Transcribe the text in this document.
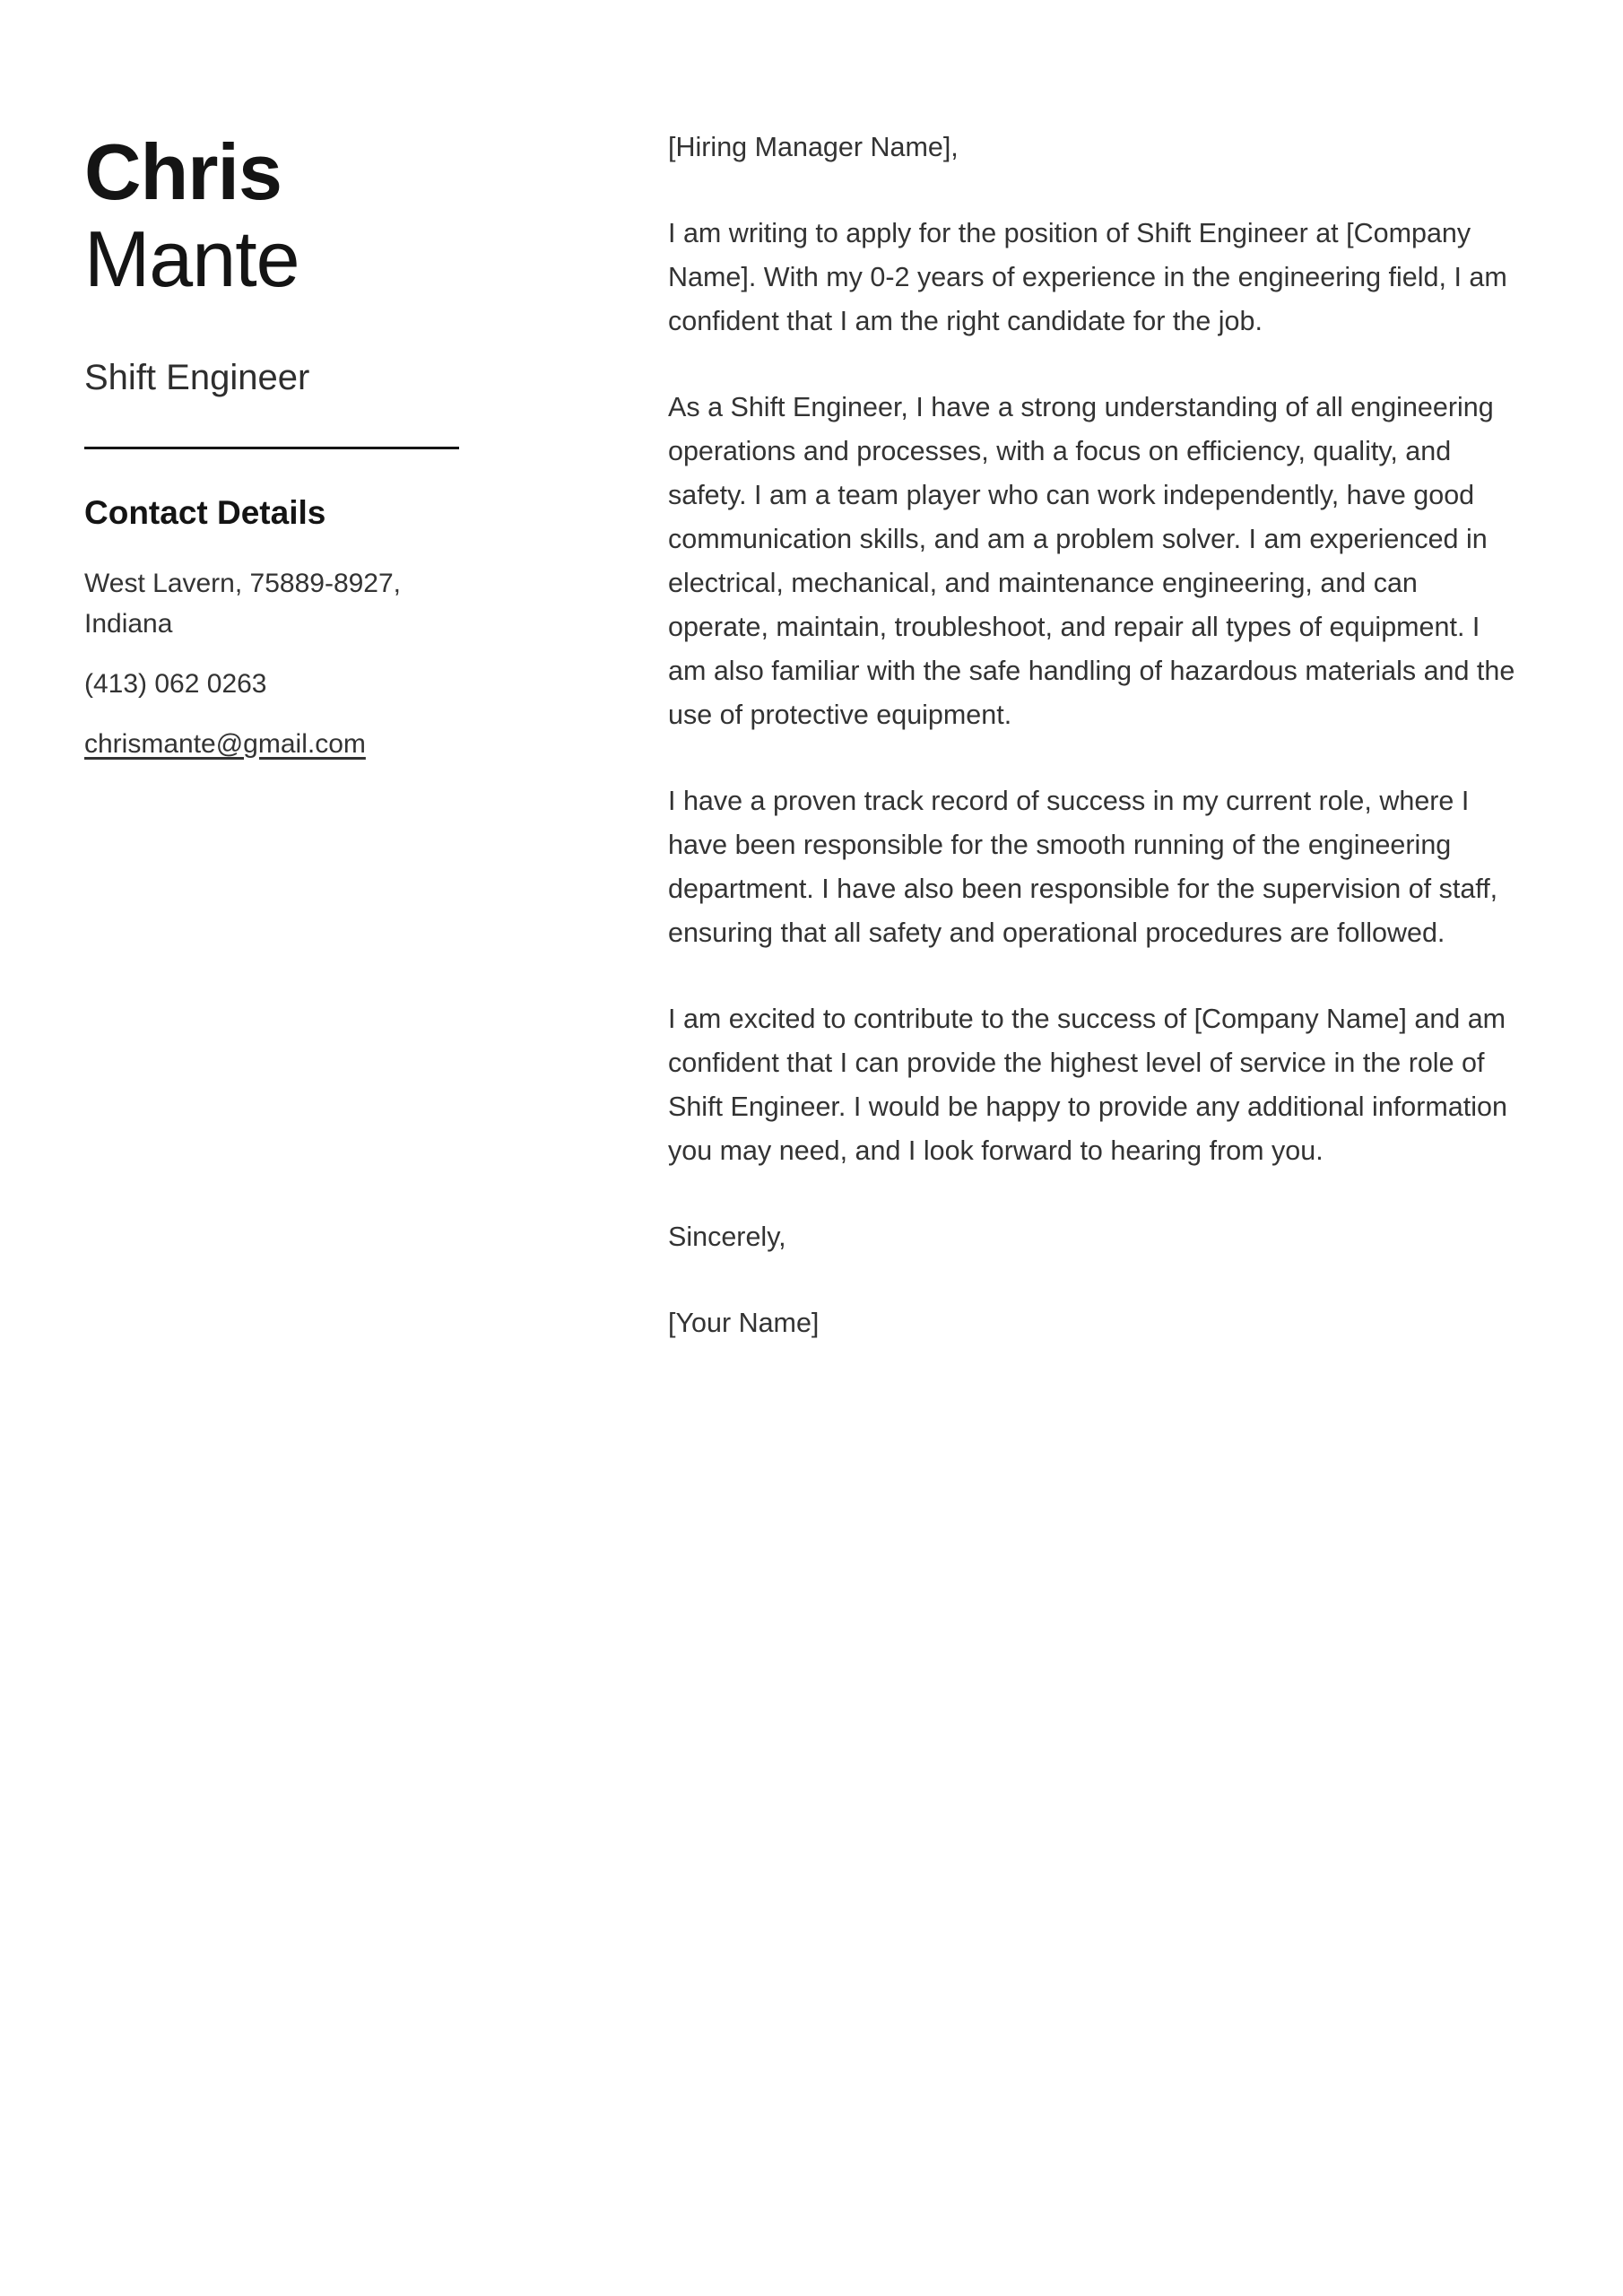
Chris
Mante
Shift Engineer
Contact Details
West Lavern, 75889-8927,
Indiana
(413) 062 0263
chrismante@gmail.com

[Hiring Manager Name],

I am writing to apply for the position of Shift Engineer at [Company Name]. With my 0-2 years of experience in the engineering field, I am confident that I am the right candidate for the job.

As a Shift Engineer, I have a strong understanding of all engineering operations and processes, with a focus on efficiency, quality, and safety. I am a team player who can work independently, have good communication skills, and am a problem solver. I am experienced in electrical, mechanical, and maintenance engineering, and can operate, maintain, troubleshoot, and repair all types of equipment. I am also familiar with the safe handling of hazardous materials and the use of protective equipment.

I have a proven track record of success in my current role, where I have been responsible for the smooth running of the engineering department. I have also been responsible for the supervision of staff, ensuring that all safety and operational procedures are followed.

I am excited to contribute to the success of [Company Name] and am confident that I can provide the highest level of service in the role of Shift Engineer. I would be happy to provide any additional information you may need, and I look forward to hearing from you.

Sincerely,

[Your Name]
